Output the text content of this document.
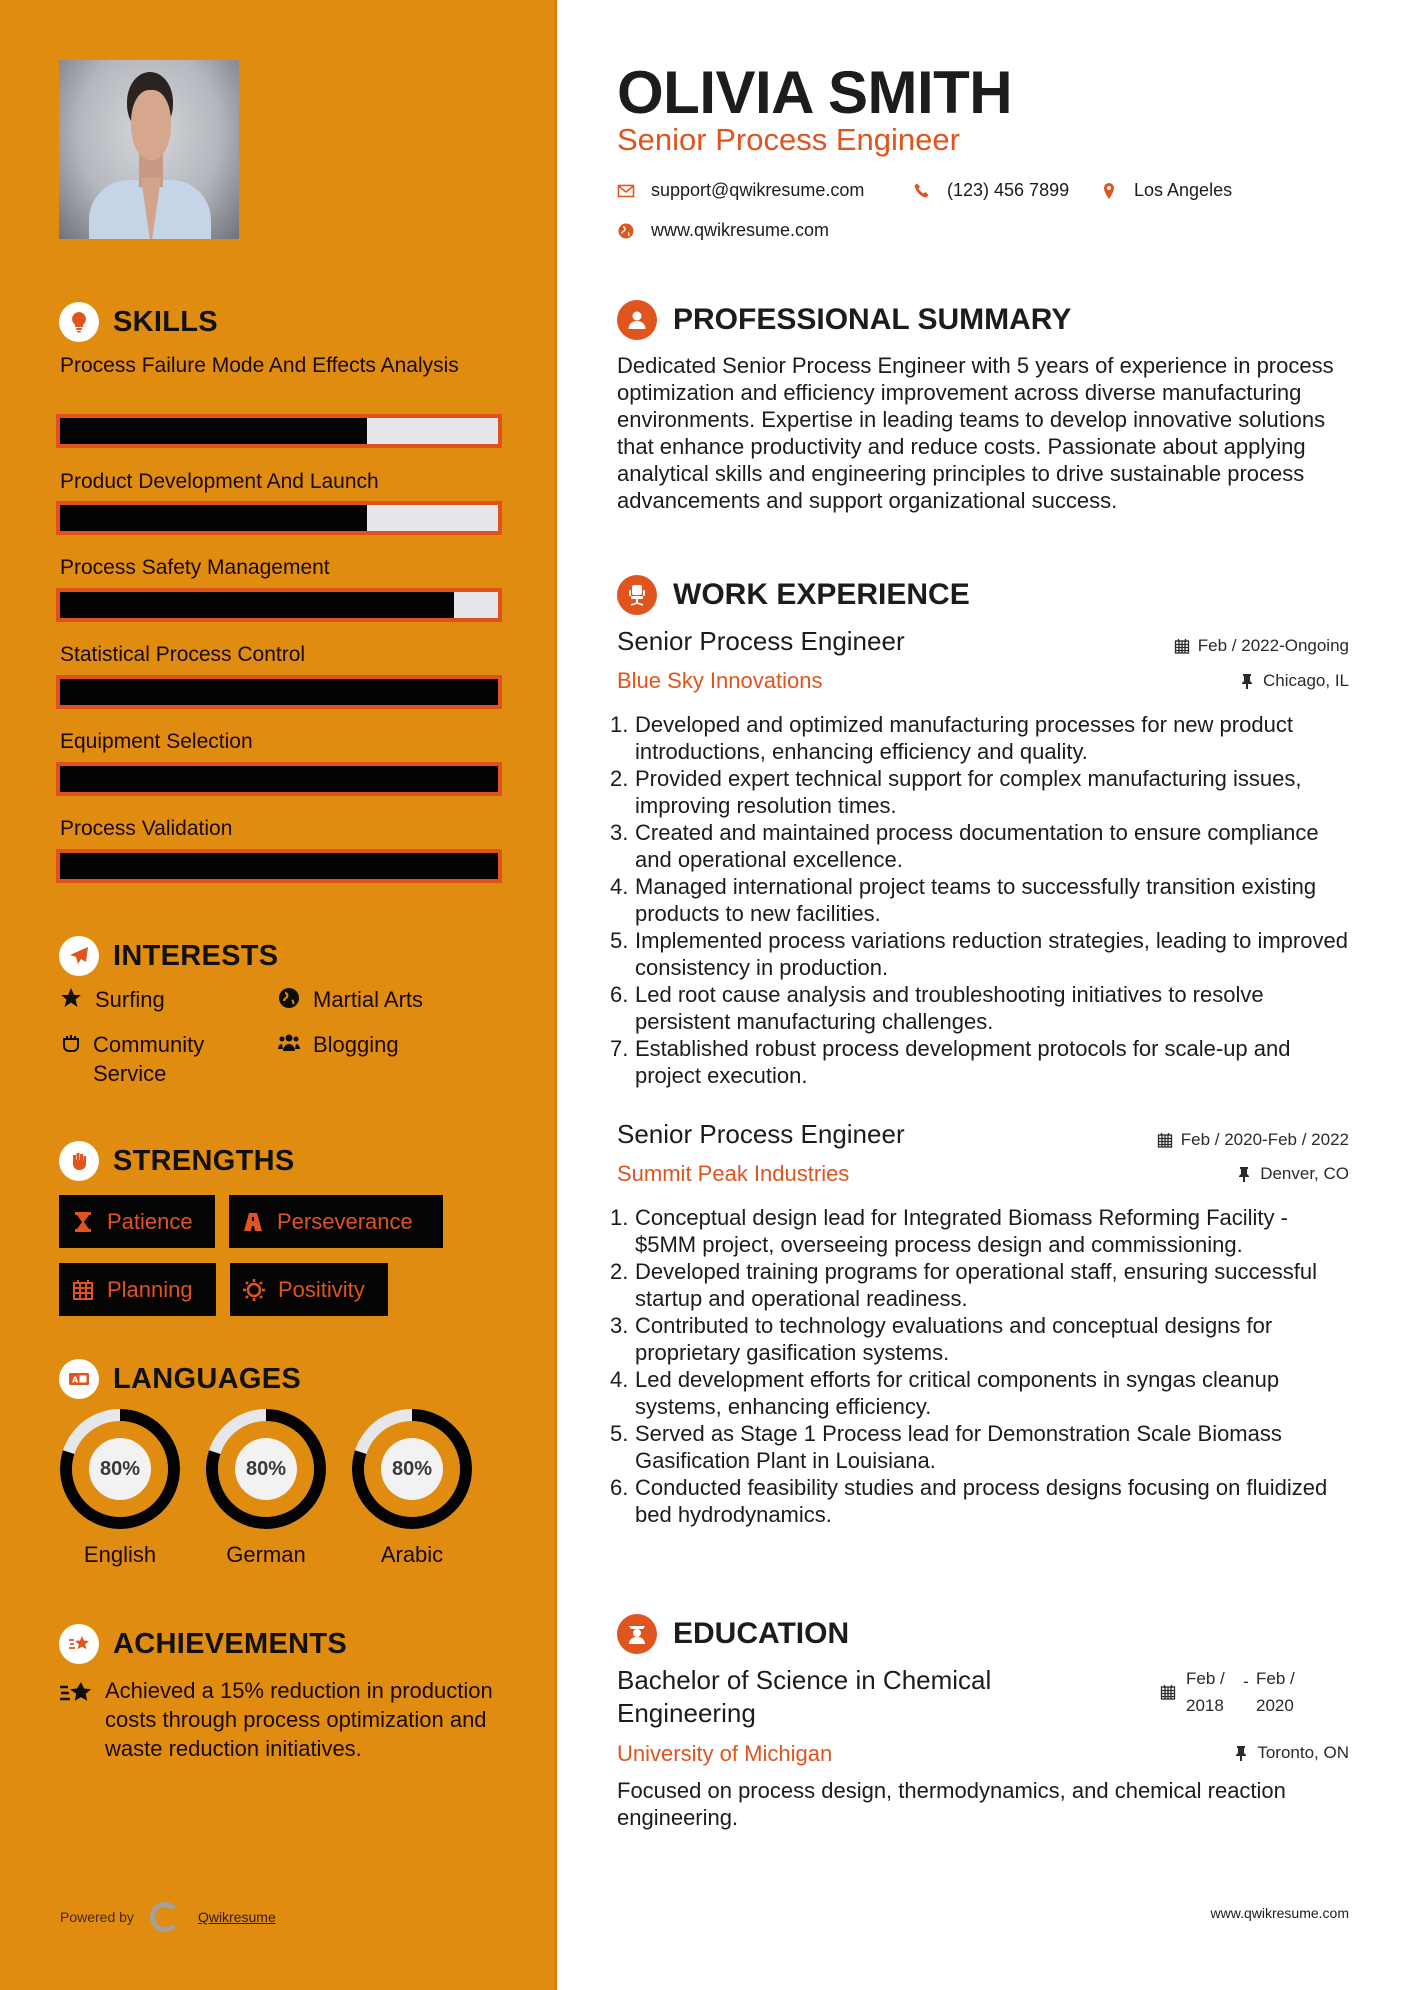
SKILLS
Process Failure Mode And Effects Analysis
Product Development And Launch
Process Safety Management
Statistical Process Control
Equipment Selection
Process Validation
INTERESTS
Surfing	Martial Arts
Community Service
Blogging
STRENGTHS
Patience	Perseverance
Planning	Positivity
A LANGUAGES
80%
English
80%
German
80%
Arabic
ACHIEVEMENTS
Achieved a 15% reduction in production costs through process optimization and waste reduction initiatives.
Powered by	Qwikresume
OLIVIA SMITH
Senior Process Engineer
support@qwikresume.com	(123) 456 7899	Los Angeles
www.qwikresume.com
PROFESSIONAL SUMMARY
Dedicated Senior Process Engineer with 5 years of experience in process optimization and efficiency improvement across diverse manufacturing environments. Expertise in leading teams to develop innovative solutions that enhance productivity and reduce costs. Passionate about applying analytical skills and engineering principles to drive sustainable process advancements and support organizational success.
WORK EXPERIENCE
Senior Process Engineer	Feb / 2022-Ongoing
Blue Sky Innovations	Chicago, IL
Developed and optimized manufacturing processes for new product introductions, enhancing efficiency and quality.
Provided expert technical support for complex manufacturing issues, improving resolution times.
Created and maintained process documentation to ensure compliance and operational excellence.
Managed international project teams to successfully transition existing products to new facilities.
Implemented process variations reduction strategies, leading to improved consistency in production.
Led root cause analysis and troubleshooting initiatives to resolve persistent manufacturing challenges.
Established robust process development protocols for scale-up and project execution.
Senior Process Engineer	Feb / 2020-Feb / 2022
Summit Peak Industries	Denver, CO
Conceptual design lead for Integrated Biomass Reforming Facility - $5MM project, overseeing process design and commissioning.
Developed training programs for operational staff, ensuring successful startup and operational readiness.
Contributed to technology evaluations and conceptual designs for proprietary gasification systems.
Led development efforts for critical components in syngas cleanup systems, enhancing efficiency.
Served as Stage 1 Process lead for Demonstration Scale Biomass Gasification Plant in Louisiana.
Conducted feasibility studies and process designs focusing on fluidized bed hydrodynamics.
EDUCATION
Bachelor of Science in Chemical Engineering
Feb /
2018
- Feb /
2020
University of Michigan	Toronto, ON
Focused on process design, thermodynamics, and chemical reaction engineering.
www.qwikresume.com
